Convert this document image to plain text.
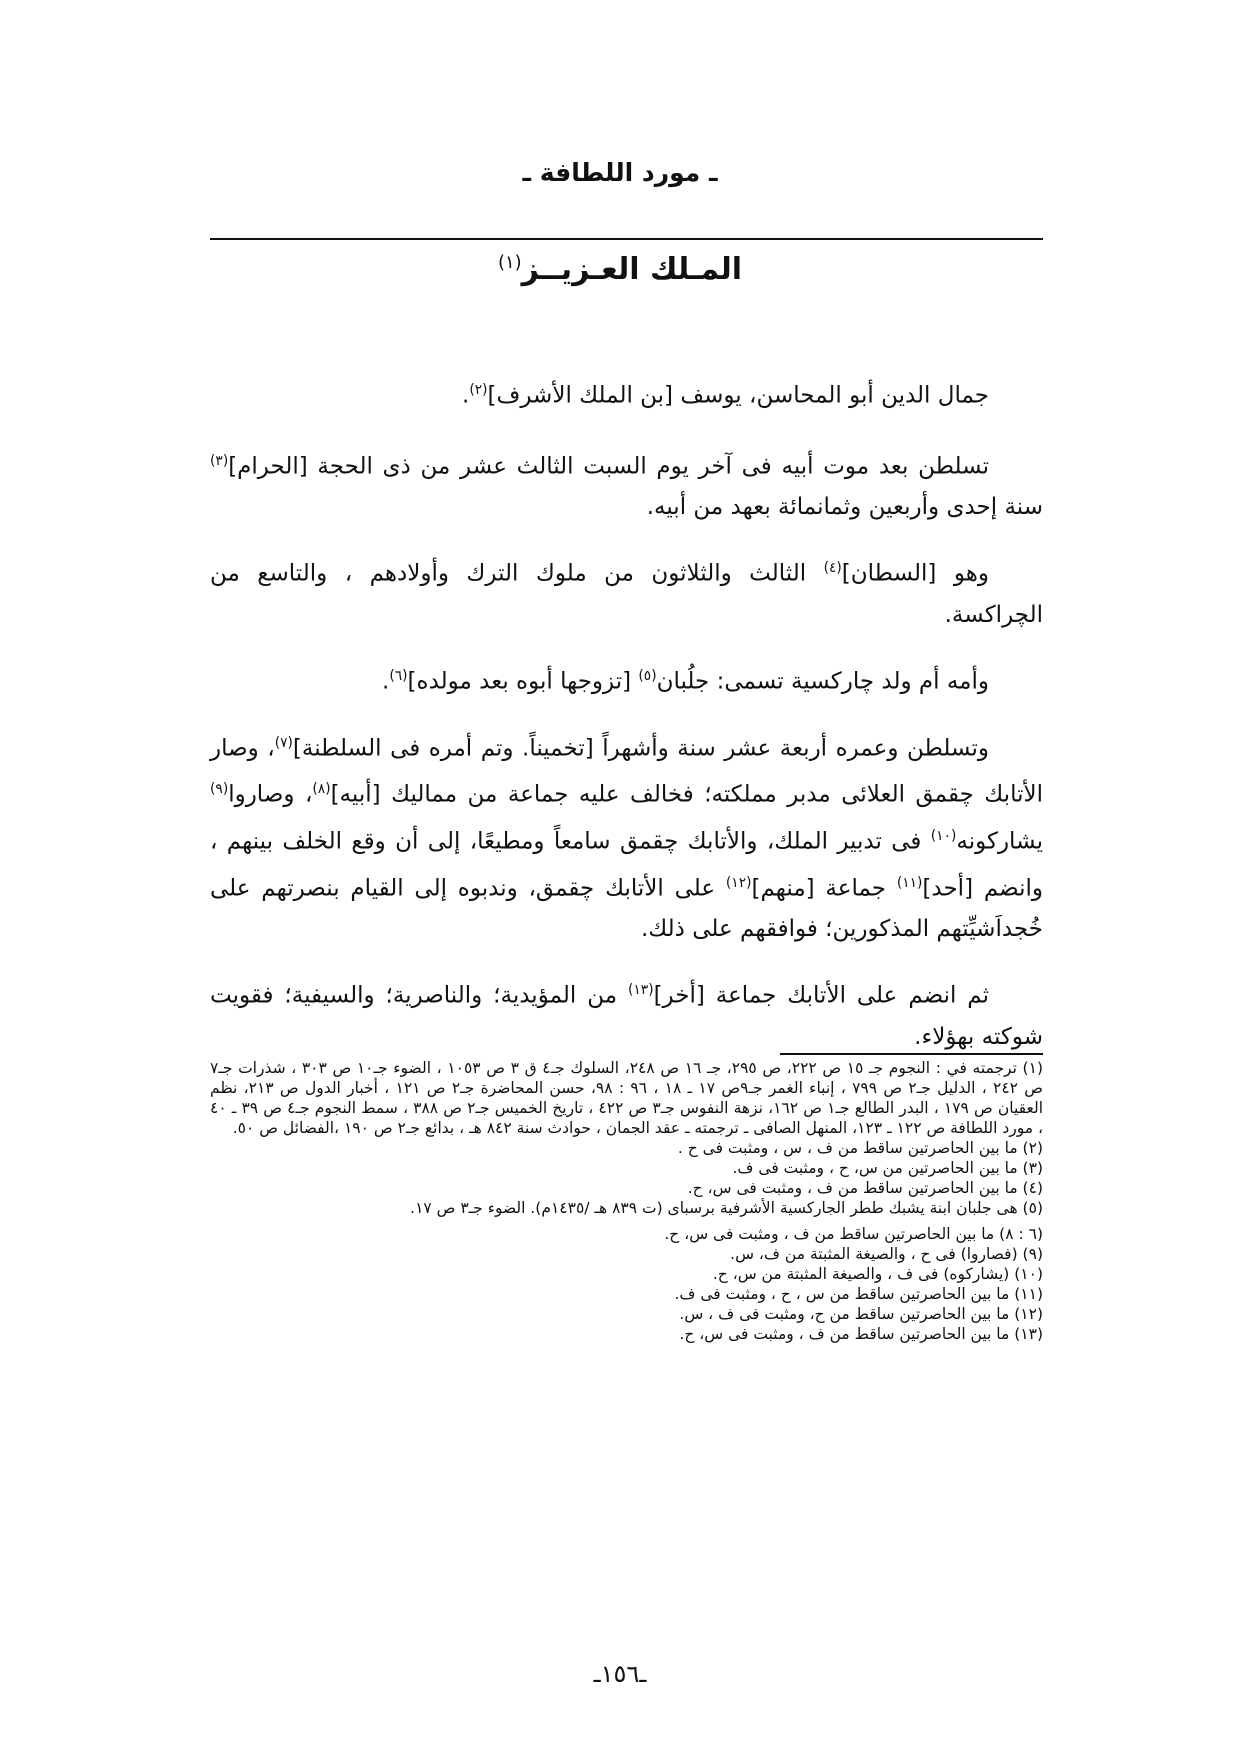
ـ مورد اللطافة ـ
المـلك العـزيــز$^{(١)}$

جمال الدين أبو المحاسن، يوسف [بن الملك الأشرف]$^{(٢)}$.

تسلطن بعد موت أبيه فى آخر يوم السبت الثالث عشر من ذى الحجة [الحرام]$^{(٣)}$ سنة إحدى وأربعين وثمانمائة بعهد من أبيه.

وهو [السطان]$^{(٤)}$ الثالث والثلاثون من ملوك الترك وأولادهم ، والتاسع من الچراكسة.

وأمه أم ولد چاركسية تسمى: جلُبان$^{(٥)}$ [تزوجها أبوه بعد مولده]$^{(٦)}$.

وتسلطن وعمره أربعة عشر سنة وأشهراً [تخميناً. وتم أمره فى السلطنة]$^{(٧)}$، وصار الأتابك چقمق العلائى مدبر مملكته؛ فخالف عليه جماعة من مماليك [أبيه]$^{(٨)}$، وصاروا$^{(٩)}$ يشاركونه$^{(١٠)}$ فى تدبير الملك، والأتابك چقمق سامعاً ومطيعًا، إلى أن وقع الخلف بينهم ، وانضم [أحد]$^{(١١)}$ جماعة [منهم]$^{(١٢)}$ على الأتابك چقمق، وندبوه إلى القيام بنصرتهم على خُجداَشيِّتهم المذكورين؛ فوافقهم على ذلك.

ثم انضم على الأتابك جماعة [أخر]$^{(١٣)}$ من المؤيدية؛ والناصرية؛ والسيفية؛ فقويت شوكته بهؤلاء.

(١) ترجمته في : النجوم جـ ١٥ ص ٢٢٢، ص ٢٩٥، جـ ١٦ ص ٢٤٨، السلوك جـ٤ ق ٣ ص ١٠٥٣ ، الضوء جـ١٠ ص ٣٠٣ ، شذرات جـ٧ ص ٢٤٢ ، الدليل جـ٢ ص ٧٩٩ ، إنباء الغمر جـ٩ص ١٧ ـ ١٨ ، ٩٦ : ٩٨، حسن المحاضرة جـ٢ ص ١٢١ ، أخبار الدول ص ٢١٣، نظم العقيان ص ١٧٩ ، البدر الطالع جـ١ ص ١٦٢، نزهة النفوس جـ٣ ص ٤٢٢ ، تاريخ الخميس جـ٢ ص ٣٨٨ ، سمط النجوم جـ٤ ص ٣٩ ـ ٤٠ ، مورد اللطافة ص ١٢٢ ـ ١٢٣، المنهل الصافى ـ ترجمته ـ عقد الجمان ، حوادث سنة ٨٤٢ هـ ، بدائع جـ٢ ص ١٩٠ ،الفضائل ص ٥٠.

(٢) ما بين الحاصرتين ساقط من ف ، س ، ومثبت فى ح .

(٣) ما بين الحاصرتين من س، ح ، ومثبت فى ف.

(٤) ما بين الحاصرتين ساقط من ف ، ومثبت فى س، ح.

(٥) هى جلبان ابنة يشبك ططر الجاركسية الأشرفية برسباى (ت ٨٣٩ هـ /١٤٣٥م). الضوء جـ٣ ص ١٧.

(٦ : ٨) ما بين الحاصرتين ساقط من ف ، ومثبت فى س، ح.

(٩) (فصاروا) فى ح ، والصيغة المثبتة من ف، س.

(١٠) (يشاركوه) فى ف ، والصيغة المثبتة من س، ح.

(١١) ما بين الحاصرتين ساقط من س ، ح ، ومثبت فى ف.

(١٢) ما بين الحاصرتين ساقط من ح، ومثبت فى ف ، س.

(١٣) ما بين الحاصرتين ساقط من ف ، ومثبت فى س، ح.

ـ١٥٦ـ
